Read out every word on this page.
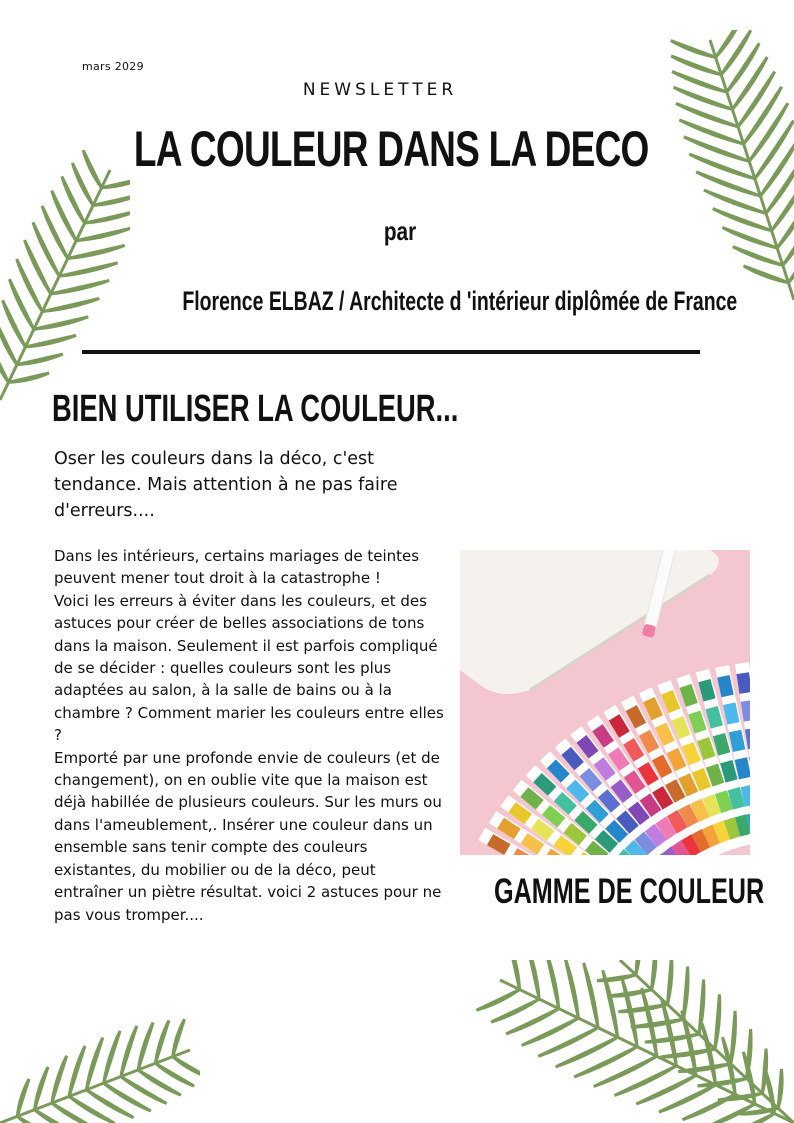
mars 2029
NEWSLETTER
LA COULEUR DANS LA DECO
par
Florence ELBAZ / Architecte d 'intérieur diplômée de France
BIEN UTILISER LA COULEUR...
Oser les couleurs dans la déco, c'est tendance. Mais attention à ne pas faire d'erreurs....

Dans les intérieurs, certains mariages de teintes peuvent mener tout droit à la catastrophe !

Voici les erreurs à éviter dans les couleurs, et des astuces pour créer de belles associations de tons dans la maison. Seulement il est parfois compliqué de se décider : quelles couleurs sont les plus adaptées au salon, à la salle de bains ou à la chambre ? Comment marier les couleurs entre elles ?

Emporté par une profonde envie de couleurs (et de changement), on en oublie vite que la maison est déjà habillée de plusieurs couleurs. Sur les murs ou dans l'ameublement,. Insérer une couleur dans un ensemble sans tenir compte des couleurs existantes, du mobilier ou de la déco, peut entraîner un piètre résultat. voici 2 astuces pour ne pas vous tromper....

GAMME DE COULEUR
